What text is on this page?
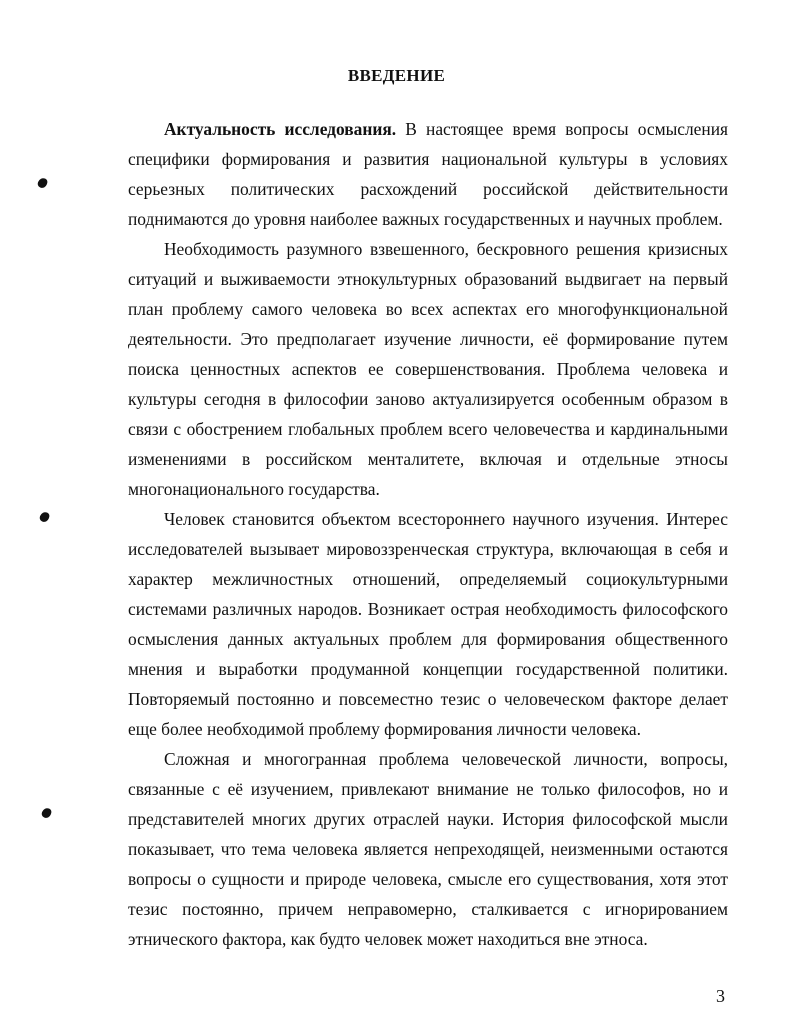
ВВЕДЕНИЕ

Актуальность исследования. В настоящее время вопросы осмысления специфики формирования и развития национальной культуры в условиях серьезных политических расхождений российской действительности поднимаются до уровня наиболее важных государственных и научных проблем.

Необходимость разумного взвешенного, бескровного решения кризисных ситуаций и выживаемости этнокультурных образований выдвигает на первый план проблему самого человека во всех аспектах его многофункциональной деятельности. Это предполагает изучение личности, её формирование путем поиска ценностных аспектов ее совершенствования. Проблема человека и культуры сегодня в философии заново актуализируется особенным образом в связи с обострением глобальных проблем всего человечества и кардинальными изменениями в российском менталитете, включая и отдельные этносы многонационального государства.

Человек становится объектом всестороннего научного изучения. Интерес исследователей вызывает мировоззренческая структура, включающая в себя и характер межличностных отношений, определяемый социокультурными системами различных народов. Возникает острая необходимость философского осмысления данных актуальных проблем для формирования общественного мнения и выработки продуманной концепции государственной политики. Повторяемый постоянно и повсеместно тезис о человеческом факторе делает еще более необходимой проблему формирования личности человека.

Сложная и многогранная проблема человеческой личности, вопросы, связанные с её изучением, привлекают внимание не только философов, но и представителей многих других отраслей науки. История философской мысли показывает, что тема человека является непреходящей, неизменными остаются вопросы о сущности и природе человека, смысле его существования, хотя этот тезис постоянно, причем неправомерно, сталкивается с игнорированием этнического фактора, как будто человек может находиться вне этноса.

3
